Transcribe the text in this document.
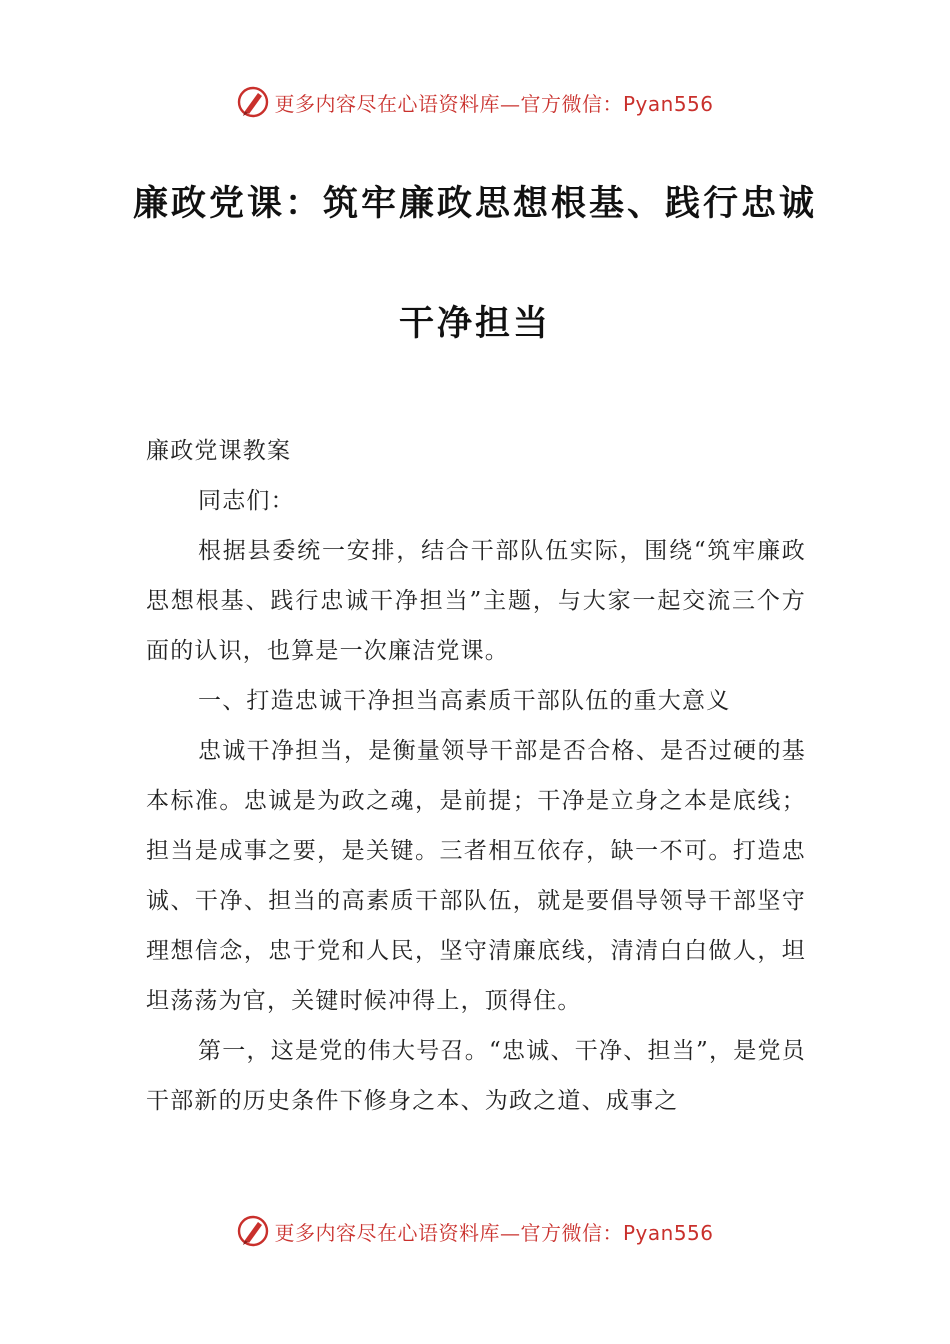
更多内容尽在心语资料库—官方微信：Pyan556
廉政党课：筑牢廉政思想根基、践行忠诚
干净担当

廉政党课教案

同志们：

根据县委统一安排，结合干部队伍实际，围绕“筑牢廉政思想根基、践行忠诚干净担当”主题，与大家一起交流三个方面的认识，也算是一次廉洁党课。

一、打造忠诚干净担当高素质干部队伍的重大意义

忠诚干净担当，是衡量领导干部是否合格、是否过硬的基本标准。忠诚是为政之魂，是前提；干净是立身之本是底线；担当是成事之要，是关键。三者相互依存，缺一不可。打造忠诚、干净、担当的高素质干部队伍，就是要倡导领导干部坚守理想信念，忠于党和人民，坚守清廉底线，清清白白做人，坦坦荡荡为官，关键时候冲得上，顶得住。

第一，这是党的伟大号召。“忠诚、干净、担当”，是党员干部新的历史条件下修身之本、为政之道、成事之

更多内容尽在心语资料库—官方微信：Pyan556
